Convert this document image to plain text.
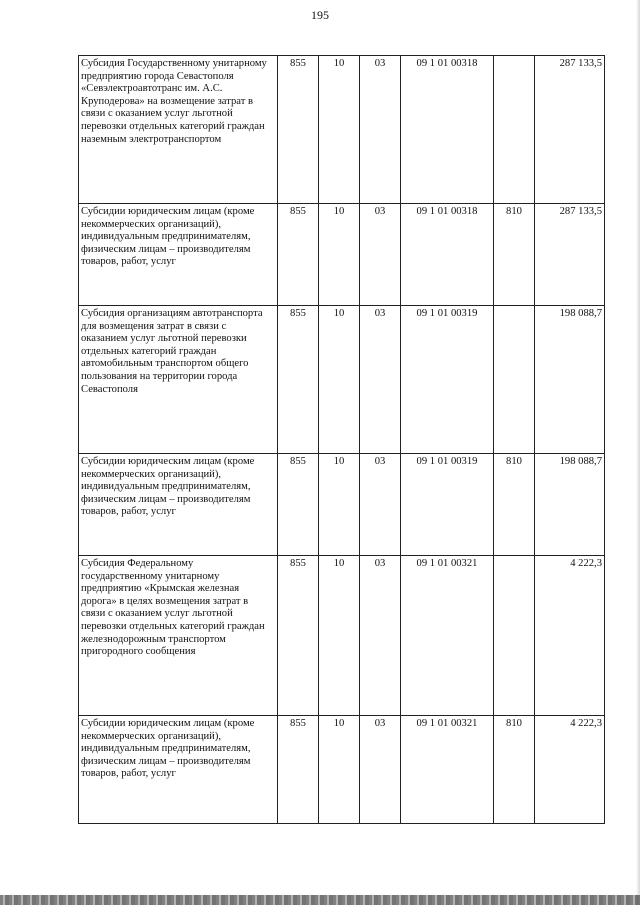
195
Субсидия Государственному унитарному предприятию города Севастополя «Севэлектроавтотранс им. А.С. Круподерова» на возмещение затрат в связи с оказанием услуг льготной перевозки отдельных категорий граждан наземным электротранспортом	855	10	03	09 1 01 00318		287 133,5
Субсидии юридическим лицам (кроме некоммерческих организаций), индивидуальным предпринимателям, физическим лицам – производителям товаров, работ, услуг	855	10	03	09 1 01 00318	810	287 133,5
Субсидия организациям автотранспорта для возмещения затрат в связи с оказанием услуг льготной перевозки отдельных категорий граждан автомобильным транспортом общего пользования на территории города Севастополя	855	10	03	09 1 01 00319		198 088,7
Субсидии юридическим лицам (кроме некоммерческих организаций), индивидуальным предпринимателям, физическим лицам – производителям товаров, работ, услуг	855	10	03	09 1 01 00319	810	198 088,7
Субсидия Федеральному государственному унитарному предприятию «Крымская железная дорога» в целях возмещения затрат в связи с оказанием услуг льготной перевозки отдельных категорий граждан железнодорожным транспортом пригородного сообщения	855	10	03	09 1 01 00321		4 222,3
Субсидии юридическим лицам (кроме некоммерческих организаций), индивидуальным предпринимателям, физическим лицам – производителям товаров, работ, услуг	855	10	03	09 1 01 00321	810	4 222,3
